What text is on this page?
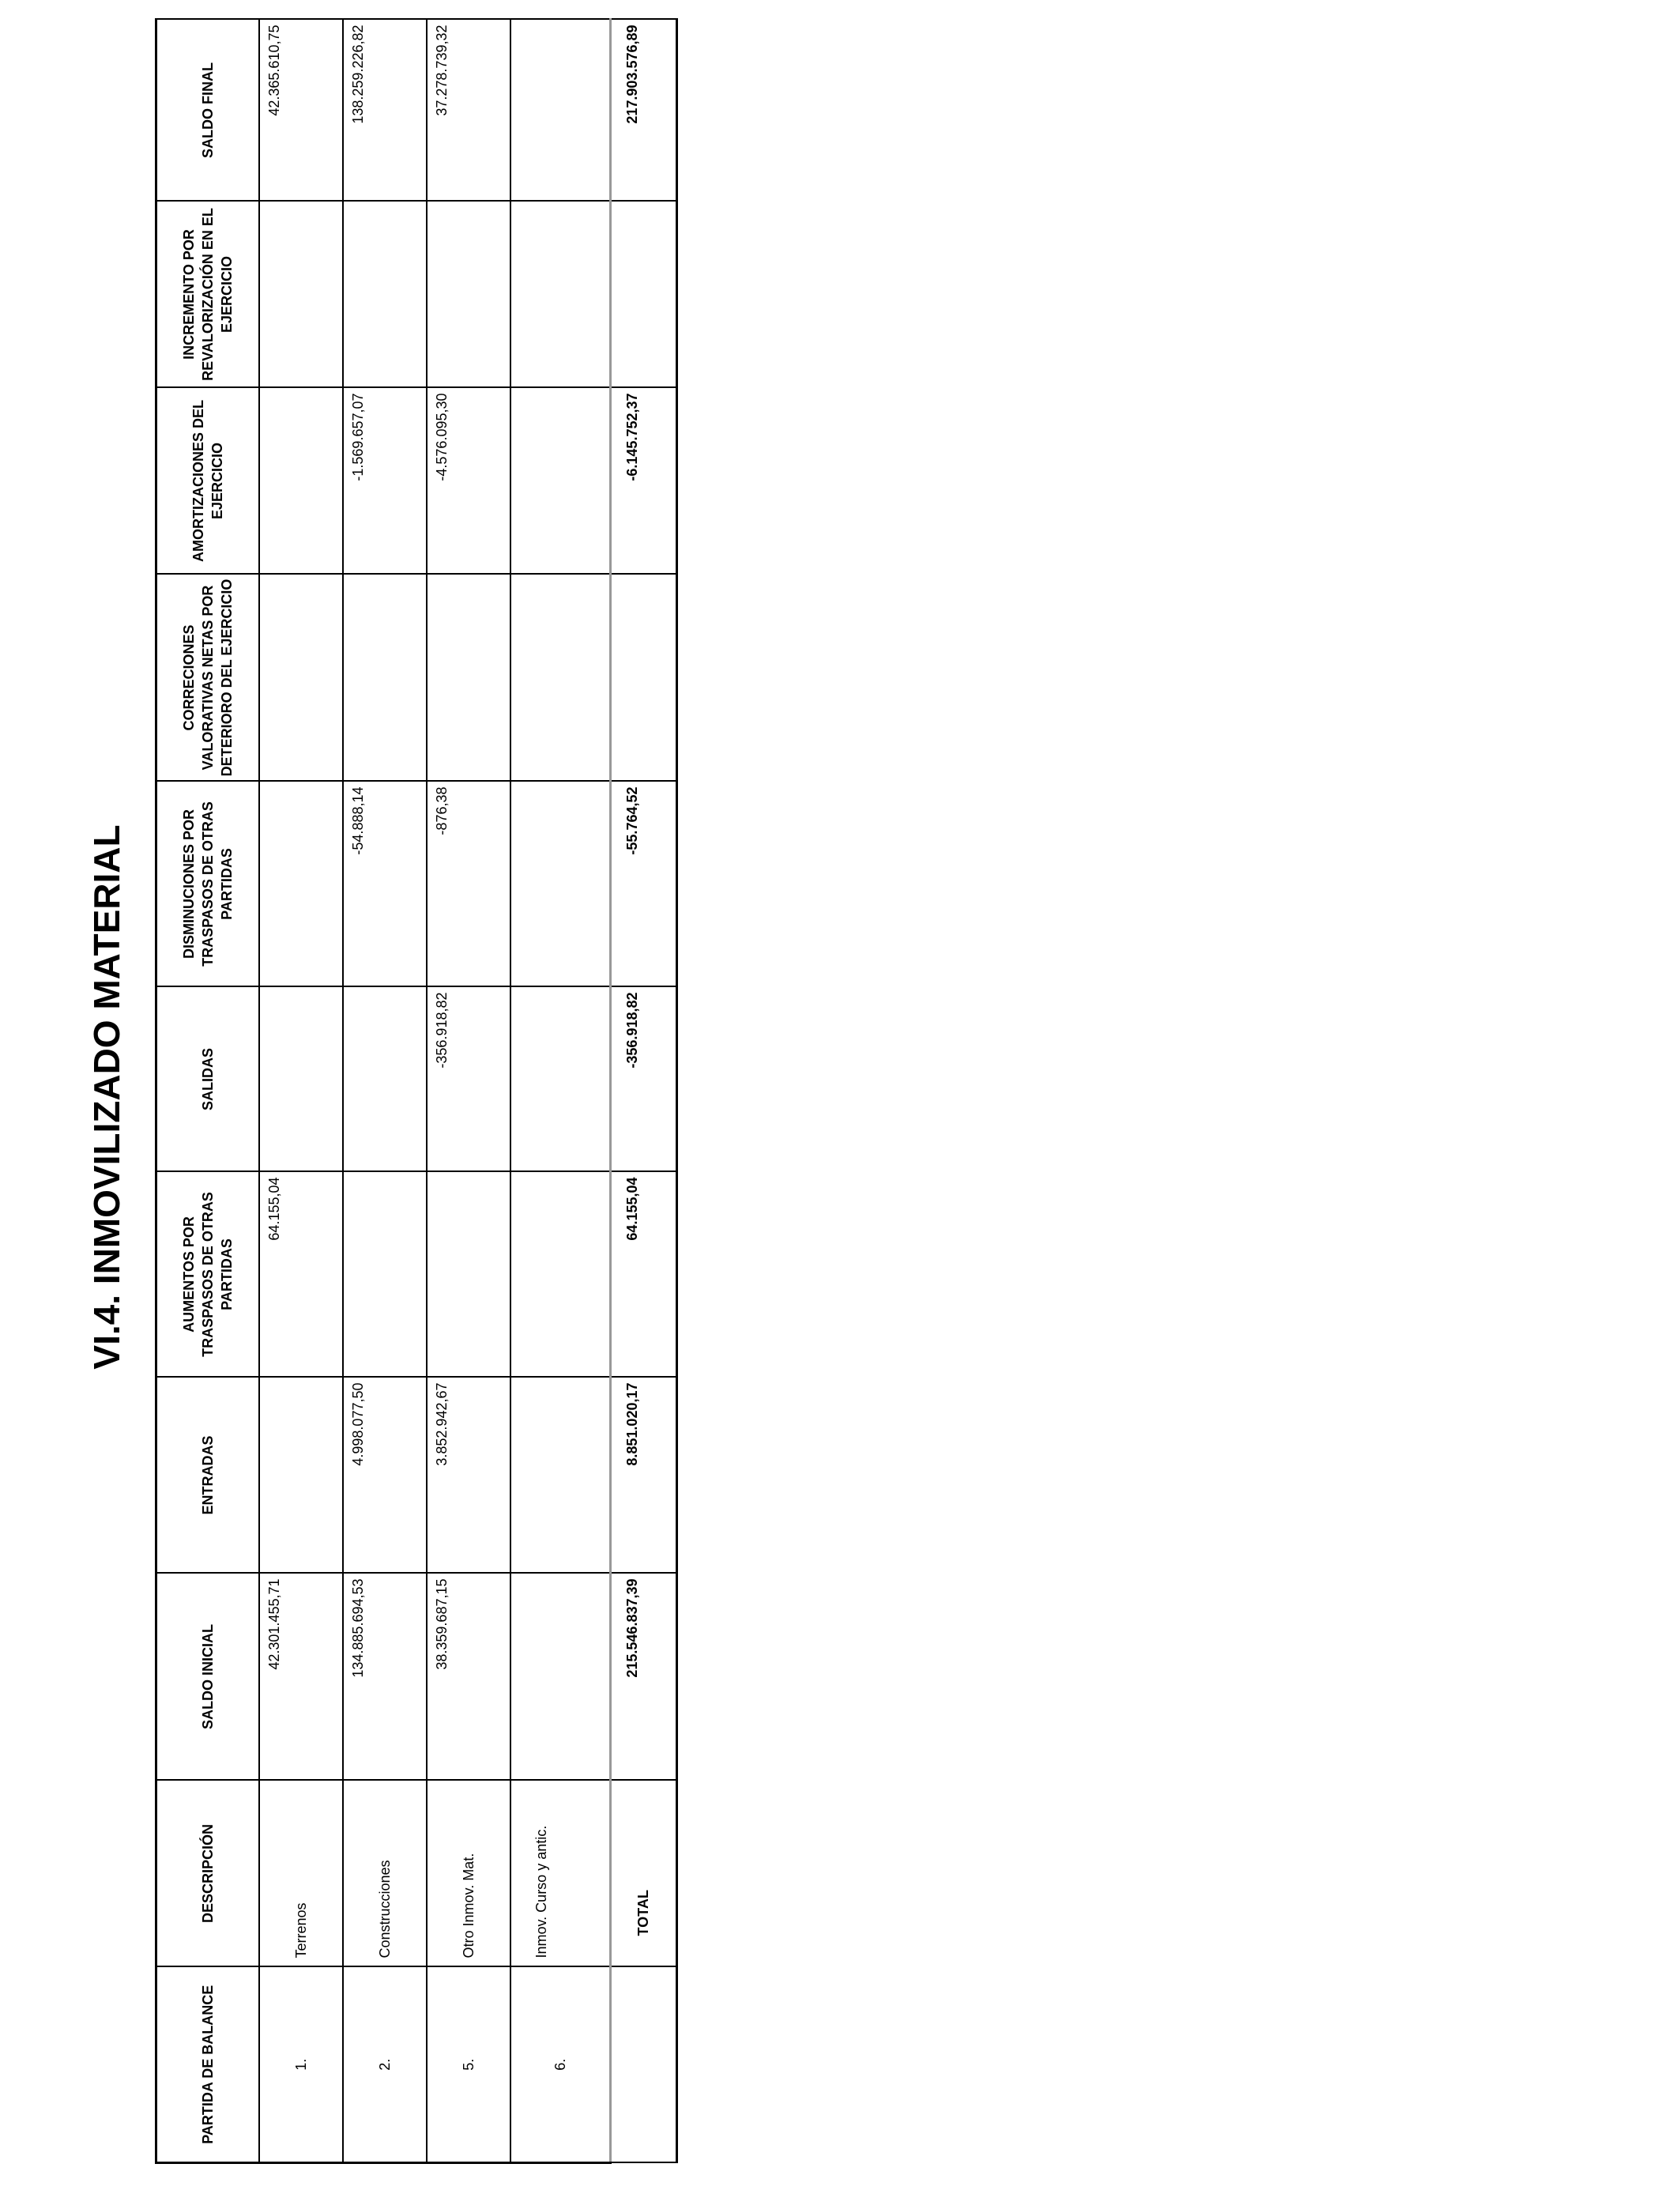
VI.4. INMOVILIZADO MATERIAL
PARTIDA DE BALANCE	DESCRIPCIÓN	SALDO INICIAL	ENTRADAS	AUMENTOS POR TRASPASOS DE OTRAS PARTIDAS	SALIDAS	DISMINUCIONES POR TRASPASOS DE OTRAS PARTIDAS	CORRECIONES VALORATIVAS NETAS POR DETERIORO DEL EJERCICIO	AMORTIZACIONES DEL EJERCICIO	INCREMENTO POR REVALORIZACIÓN EN EL EJERCICIO	SALDO FINAL
1.	Terrenos	42.301.455,71		64.155,04						42.365.610,75
2.	Construcciones	134.885.694,53	4.998.077,50			-54.888,14		-1.569.657,07		138.259.226,82
5.	Otro Inmov. Mat.	38.359.687,15	3.852.942,67		-356.918,82	-876,38		-4.576.095,30		37.278.739,32
6.	Inmov. Curso y antic.									
	TOTAL	215.546.837,39	8.851.020,17	64.155,04	-356.918,82	-55.764,52		-6.145.752,37		217.903.576,89
